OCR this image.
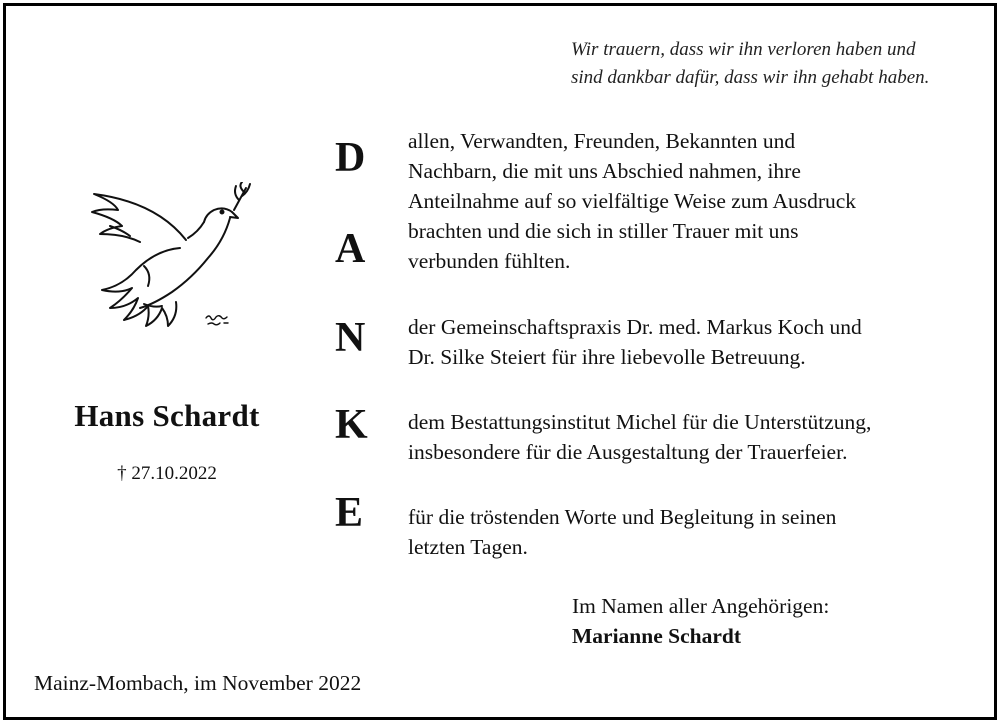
Wir trauern, dass wir ihn verloren haben und
sind dankbar dafür, dass wir ihn gehabt haben.
Hans Schardt
† 27.10.2022
D
A
N
K
E
allen, Verwandten, Freunden, Bekannten und
Nachbarn, die mit uns Abschied nahmen, ihre
Anteilnahme auf so vielfältige Weise zum Ausdruck
brachten und die sich in stiller Trauer mit uns
verbunden fühlten.
der Gemeinschaftspraxis Dr. med. Markus Koch und
Dr. Silke Steiert für ihre liebevolle Betreuung.
dem Bestattungsinstitut Michel für die Unterstützung,
insbesondere für die Ausgestaltung der Trauerfeier.
für die tröstenden Worte und Begleitung in seinen
letzten Tagen.
Im Namen aller Angehörigen:
Marianne Schardt
Mainz-Mombach, im November 2022
